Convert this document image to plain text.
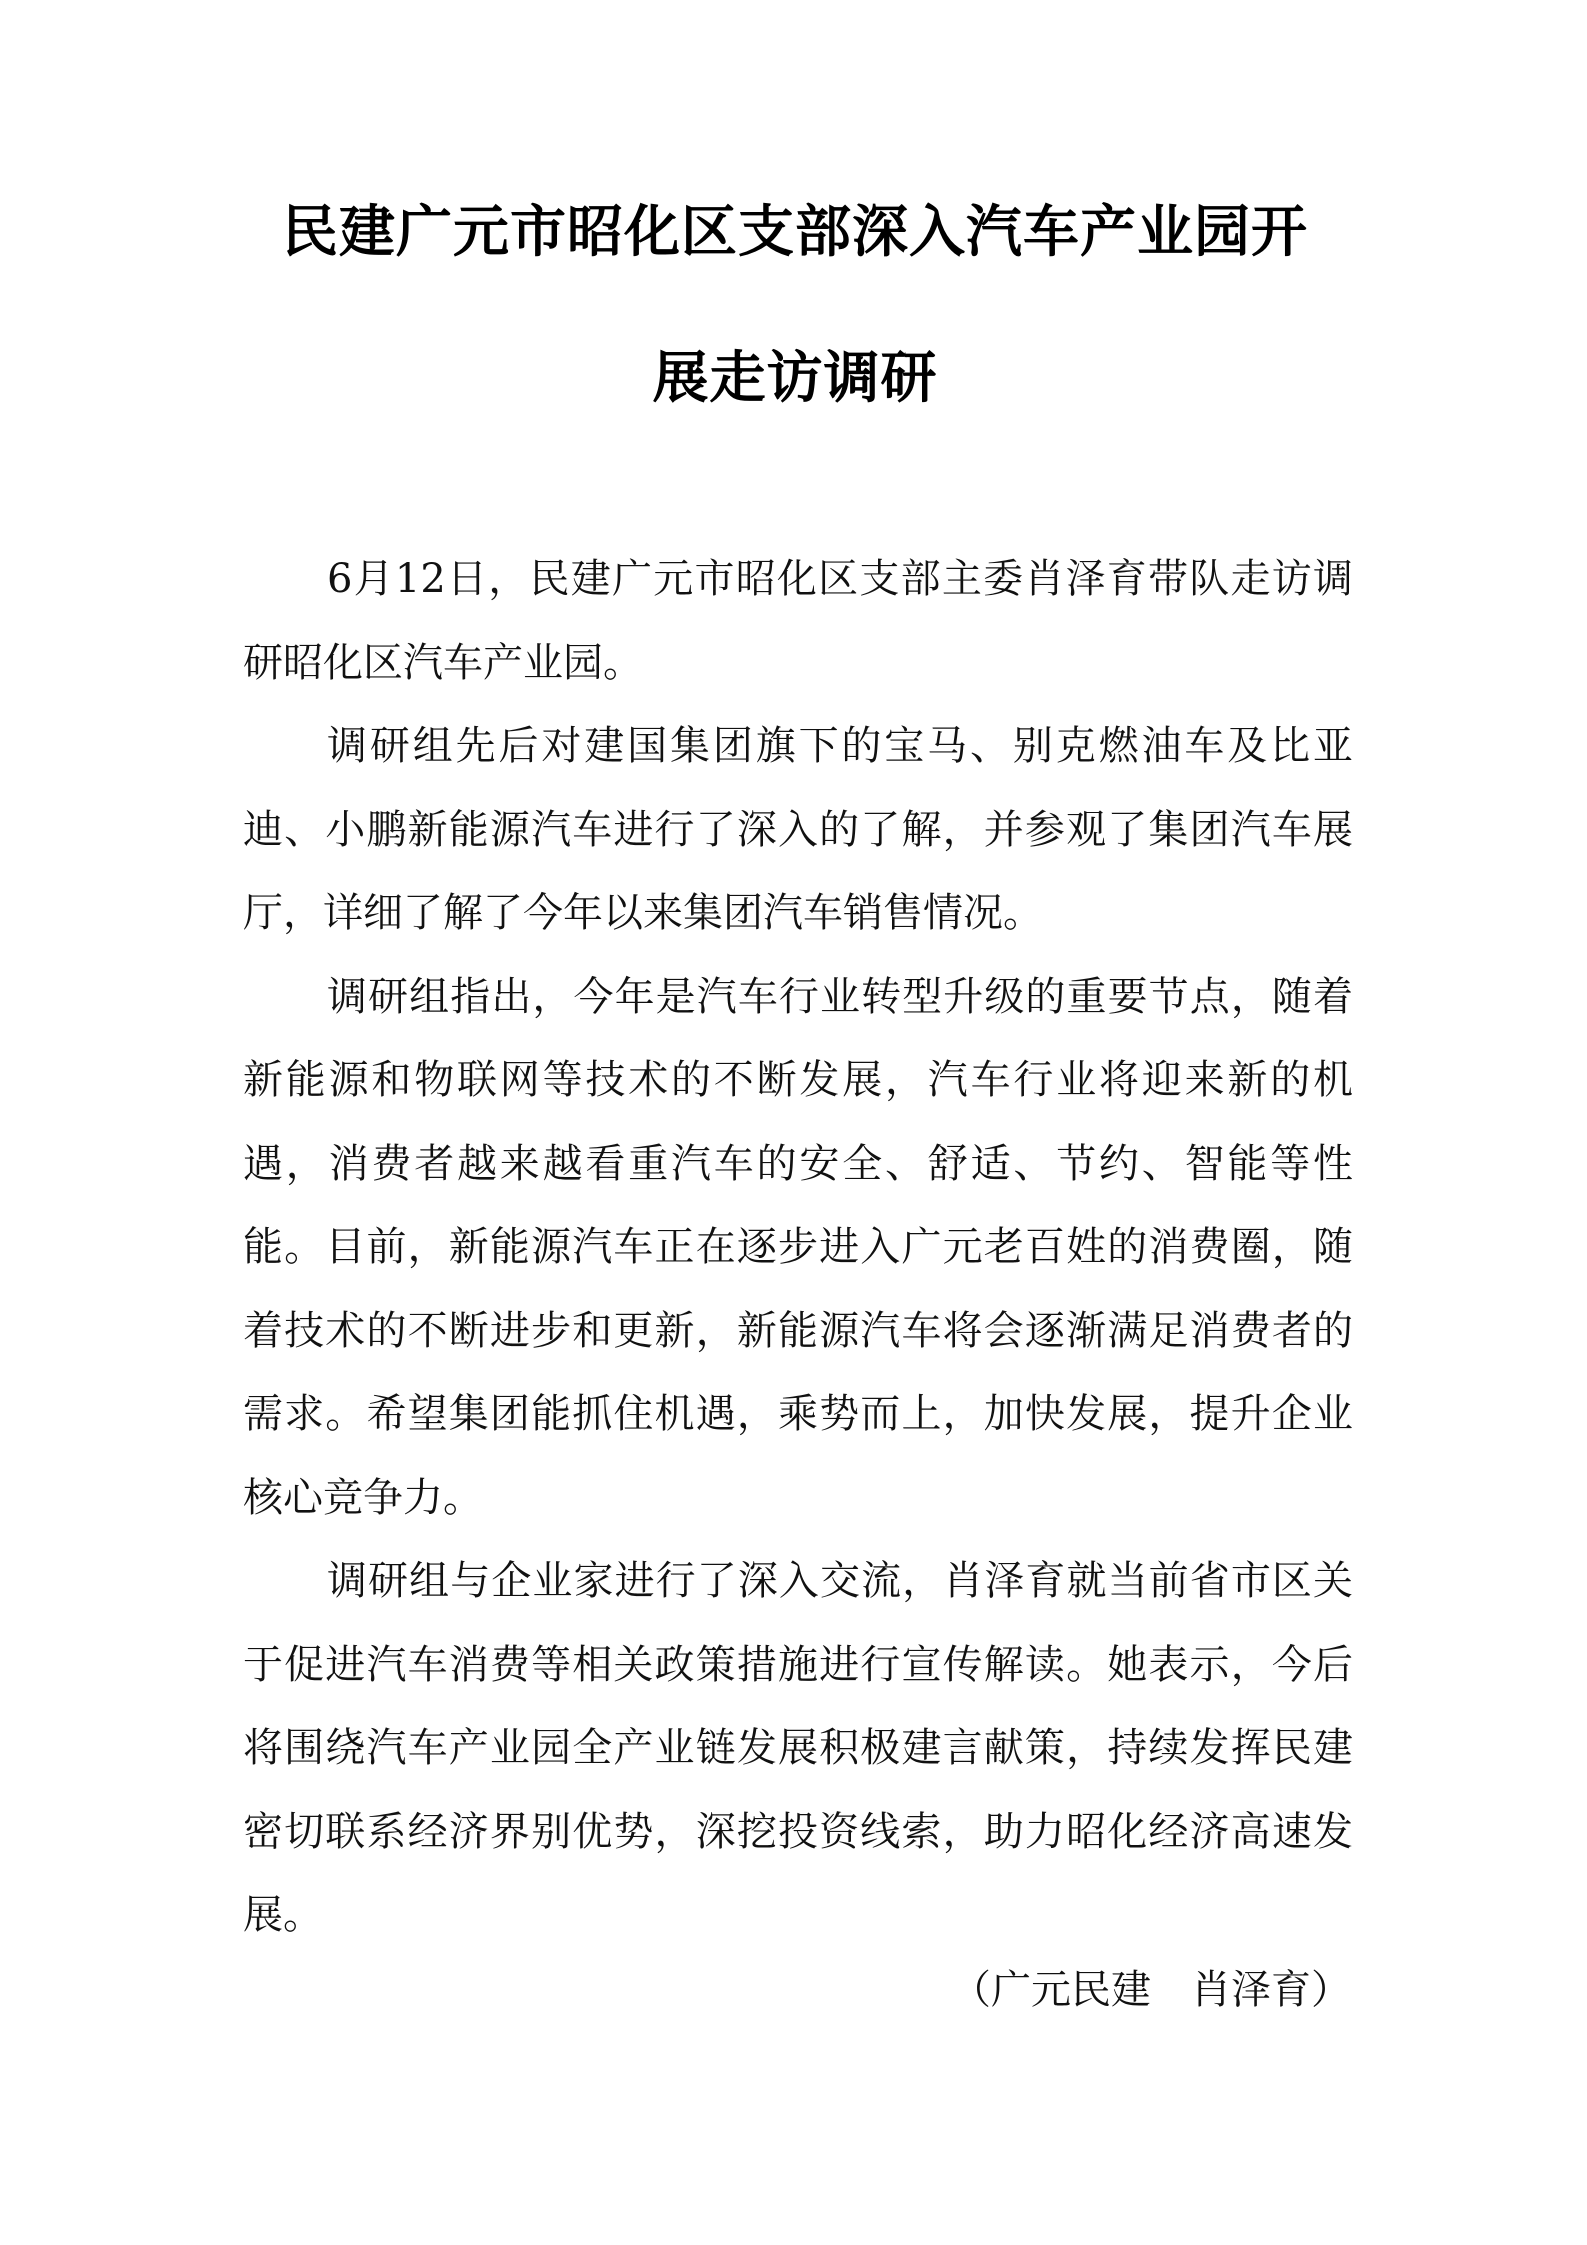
民建广元市昭化区支部深入汽车产业园开
展走访调研

6月12日，民建广元市昭化区支部主委肖泽育带队走访调研昭化区汽车产业园。

调研组先后对建国集团旗下的宝马、别克燃油车及比亚迪、小鹏新能源汽车进行了深入的了解，并参观了集团汽车展厅，详细了解了今年以来集团汽车销售情况。

调研组指出，今年是汽车行业转型升级的重要节点，随着新能源和物联网等技术的不断发展，汽车行业将迎来新的机遇，消费者越来越看重汽车的安全、舒适、节约、智能等性能。目前，新能源汽车正在逐步进入广元老百姓的消费圈，随着技术的不断进步和更新，新能源汽车将会逐渐满足消费者的需求。希望集团能抓住机遇，乘势而上，加快发展，提升企业核心竞争力。

调研组与企业家进行了深入交流，肖泽育就当前省市区关于促进汽车消费等相关政策措施进行宣传解读。她表示，今后将围绕汽车产业园全产业链发展积极建言献策，持续发挥民建密切联系经济界别优势，深挖投资线索，助力昭化经济高速发展。

（广元民建　肖泽育）
